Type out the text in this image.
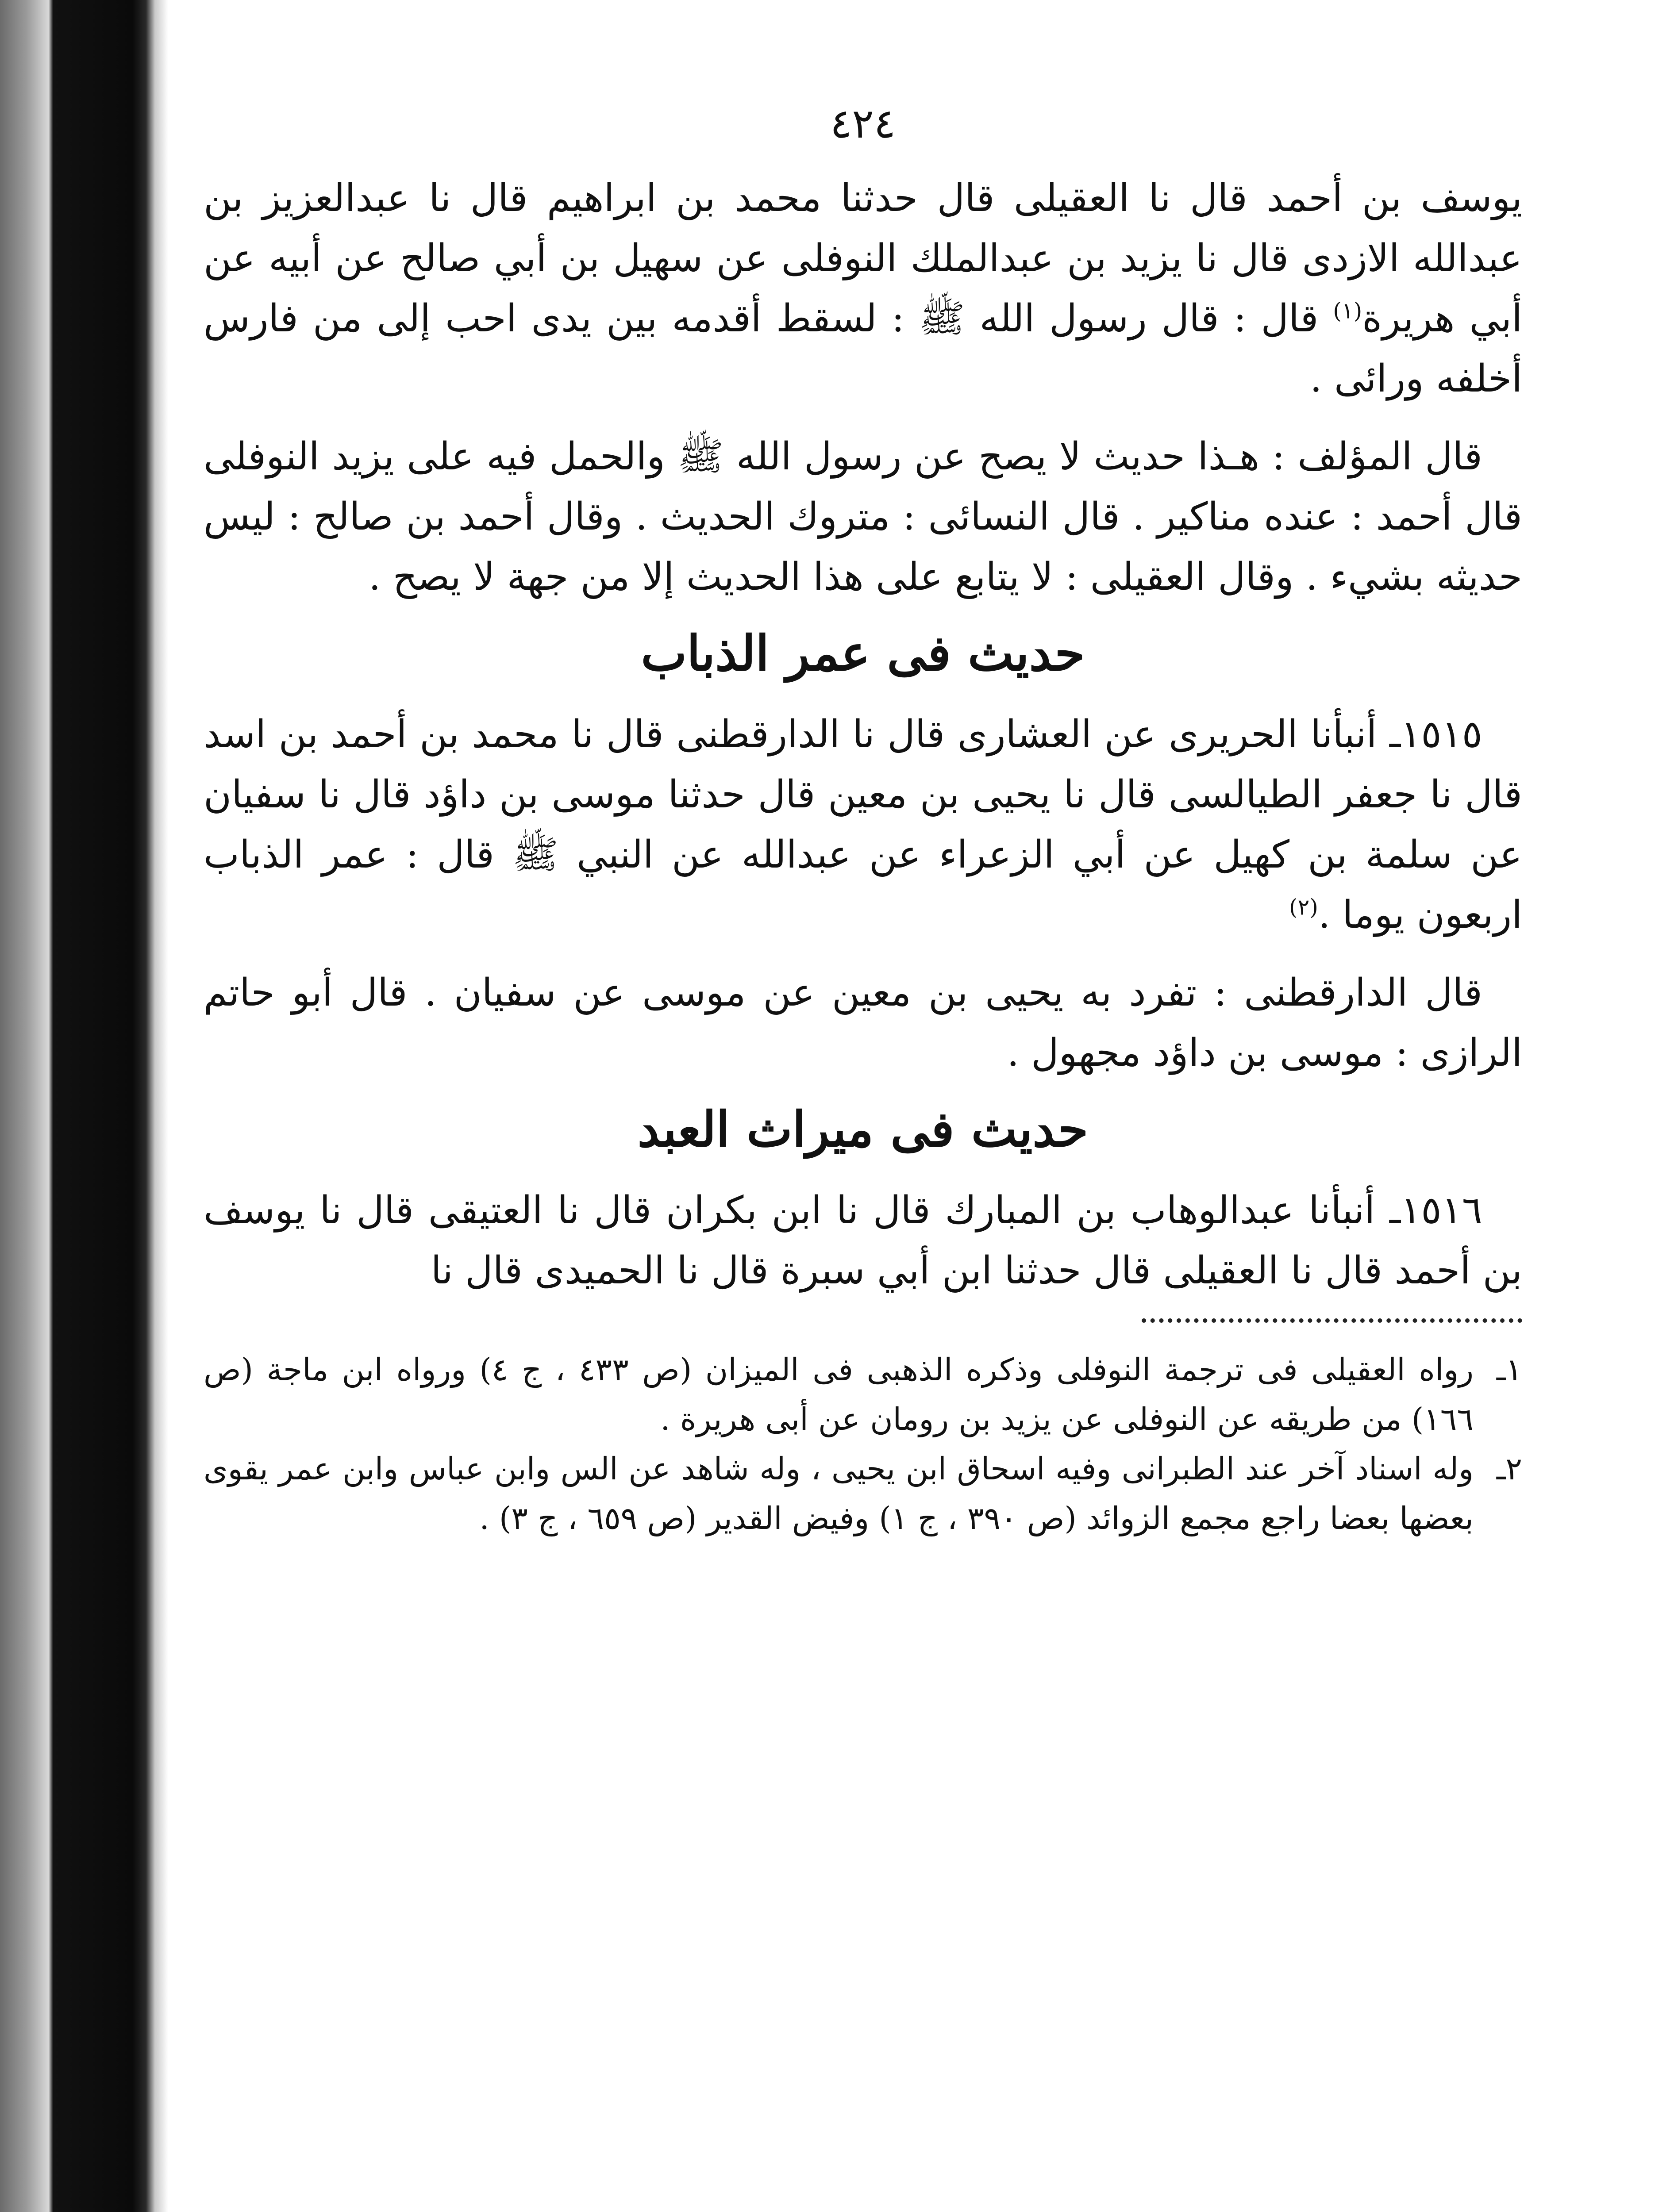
٤٢٤

يوسف بن أحمد قال نا العقيلى قال حدثنا محمد بن ابراهيم قال نا عبدالعزيز بن عبدالله الازدى قال نا يزيد بن عبدالملك النوفلى عن سهيل بن أبي صالح عن أبيه عن أبي هريرة$^{(١)}$ قال : قال رسول الله ﷺ : لسقط أقدمه بين يدى احب إلى من فارس أخلفه ورائى .

قال المؤلف : هـذا حديث لا يصح عن رسول الله ﷺ والحمل فيه على يزيد النوفلى قال أحمد : عنده مناكير . قال النسائى : متروك الحديث . وقال أحمد بن صالح : ليس حديثه بشيء . وقال العقيلى : لا يتابع على هذا الحديث إلا من جهة لا يصح .

حديث فى عمر الذباب

١٥١٥ـ أنبأنا الحريرى عن العشارى قال نا الدارقطنى قال نا محمد بن أحمد بن اسد قال نا جعفر الطيالسى قال نا يحيى بن معين قال حدثنا موسى بن داؤد قال نا سفيان عن سلمة بن كهيل عن أبي الزعراء عن عبدالله عن النبي ﷺ قال : عمر الذباب اربعون يوما .$^{(٢)}$

قال الدارقطنى : تفرد به يحيى بن معين عن موسى عن سفيان . قال أبو حاتم الرازى : موسى بن داؤد مجهول .

حديث فى ميراث العبد

١٥١٦ـ أنبأنا عبدالوهاب بن المبارك قال نا ابن بكران قال نا العتيقى قال نا يوسف بن أحمد قال نا العقيلى قال حدثنا ابن أبي سبرة قال نا الحميدى قال نا

١ـ
رواه العقيلى فى ترجمة النوفلى وذكره الذهبى فى الميزان (ص ٤٣٣ ، ج ٤) ورواه ابن ماجة (ص ١٦٦) من طريقه عن النوفلى عن يزيد بن رومان عن أبى هريرة .
٢ـ
وله اسناد آخر عند الطبرانى وفيه اسحاق ابن يحيى ، وله شاهد عن الس وابن عباس وابن عمر يقوى بعضها بعضا راجع مجمع الزوائد (ص ٣٩٠ ، ج ١) وفيض القدير (ص ٦٥٩ ، ج ٣) .
